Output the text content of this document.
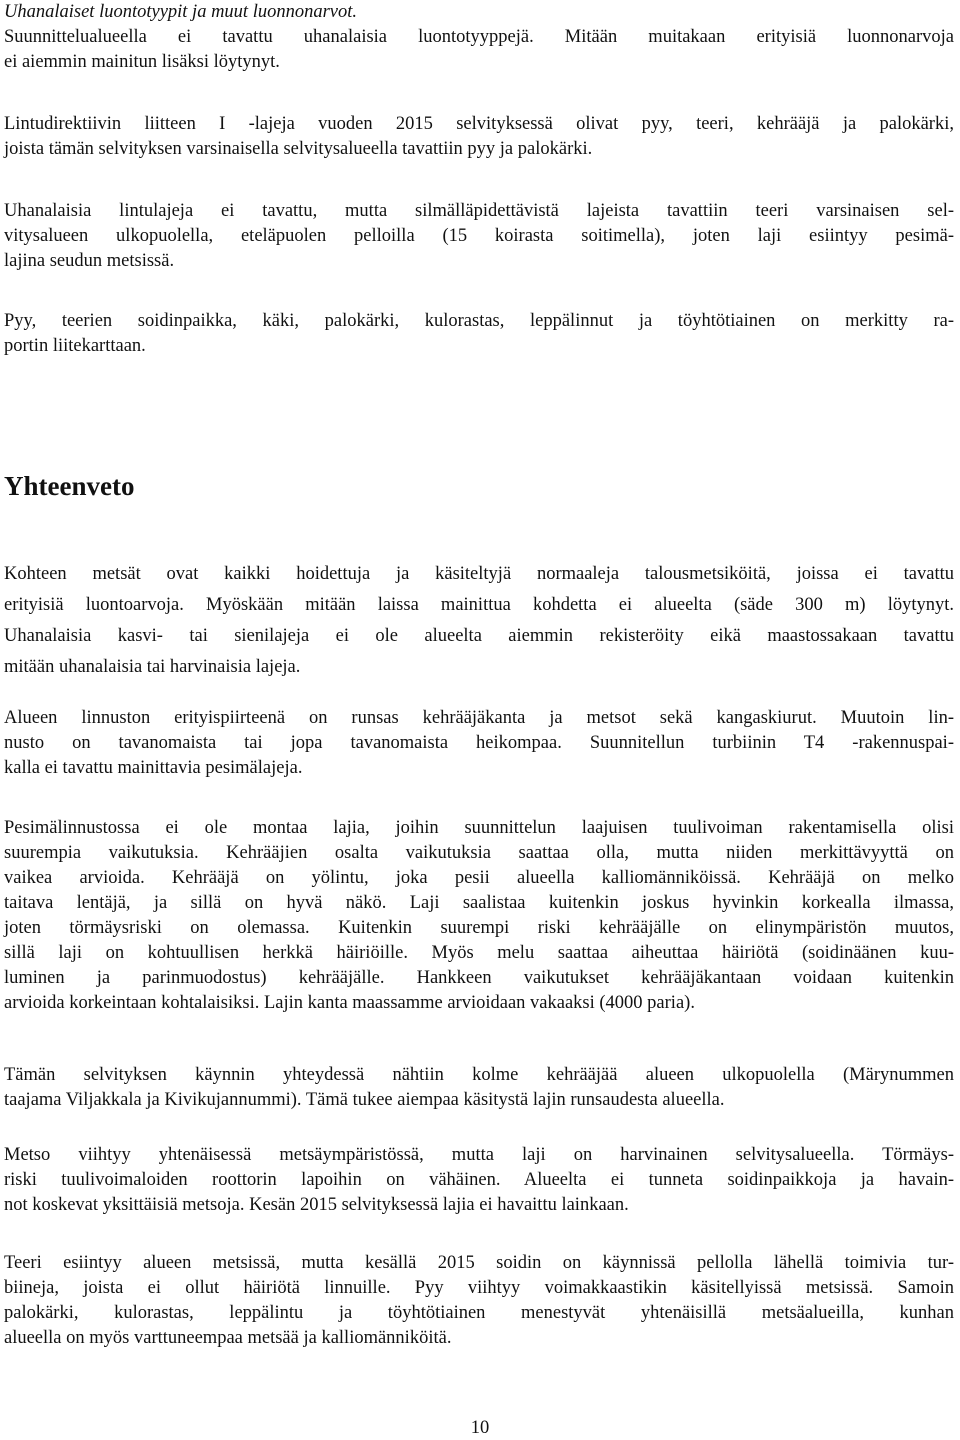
Uhanalaiset luontotyypit ja muut luonnonarvot.
Suunnittelualueella ei tavattu uhanalaisia luontotyyppejä. Mitään muitakaan erityisiä luonnonarvoja
ei aiemmin mainitun lisäksi löytynyt.
Lintudirektiivin liitteen I -lajeja vuoden 2015 selvityksessä olivat pyy, teeri, kehrääjä ja palokärki,
joista tämän selvityksen varsinaisella selvitysalueella tavattiin pyy ja palokärki.
Uhanalaisia lintulajeja ei tavattu, mutta silmälläpidettävistä lajeista tavattiin teeri varsinaisen sel-
vitysalueen ulkopuolella, eteläpuolen pelloilla (15 koirasta soitimella), joten laji esiintyy pesimä-
lajina seudun metsissä.
Pyy, teerien soidinpaikka, käki, palokärki, kulorastas, leppälinnut ja töyhtötiainen on merkitty ra-
portin liitekarttaan.
Yhteenveto
Kohteen metsät ovat kaikki hoidettuja ja käsiteltyjä normaaleja talousmetsiköitä, joissa ei tavattu
erityisiä luontoarvoja. Myöskään mitään laissa mainittua kohdetta ei alueelta (säde 300 m) löytynyt.
Uhanalaisia kasvi- tai sienilajeja ei ole alueelta aiemmin rekisteröity eikä maastossakaan tavattu
mitään uhanalaisia tai harvinaisia lajeja.
Alueen linnuston erityispiirteenä on runsas kehrääjäkanta ja metsot sekä kangaskiurut. Muutoin lin-
nusto on tavanomaista tai jopa tavanomaista heikompaa. Suunnitellun turbiinin T4 -rakennuspai-
kalla ei tavattu mainittavia pesimälajeja.
Pesimälinnustossa ei ole montaa lajia, joihin suunnittelun laajuisen tuulivoiman rakentamisella olisi
suurempia vaikutuksia. Kehrääjien osalta vaikutuksia saattaa olla, mutta niiden merkittävyyttä on
vaikea arvioida. Kehrääjä on yölintu, joka pesii alueella kalliomänniköissä. Kehrääjä on melko
taitava lentäjä, ja sillä on hyvä näkö. Laji saalistaa kuitenkin joskus hyvinkin korkealla ilmassa,
joten törmäysriski on olemassa. Kuitenkin suurempi riski kehrääjälle on elinympäristön muutos,
sillä laji on kohtuullisen herkkä häiriöille. Myös melu saattaa aiheuttaa häiriötä (soidinäänen kuu-
luminen ja parinmuodostus) kehrääjälle. Hankkeen vaikutukset kehrääjäkantaan voidaan kuitenkin
arvioida korkeintaan kohtalaisiksi. Lajin kanta maassamme arvioidaan vakaaksi (4000 paria).
Tämän selvityksen käynnin yhteydessä nähtiin kolme kehrääjää alueen ulkopuolella (Märynummen
taajama Viljakkala ja Kivikujannummi). Tämä tukee aiempaa käsitystä lajin runsaudesta alueella.
Metso viihtyy yhtenäisessä metsäympäristössä, mutta laji on harvinainen selvitysalueella. Törmäys-
riski tuulivoimaloiden roottorin lapoihin on vähäinen. Alueelta ei tunneta soidinpaikkoja ja havain-
not koskevat yksittäisiä metsoja. Kesän 2015 selvityksessä lajia ei havaittu lainkaan.
Teeri esiintyy alueen metsissä, mutta kesällä 2015 soidin on käynnissä pellolla lähellä toimivia tur-
biineja, joista ei ollut häiriötä linnuille. Pyy viihtyy voimakkaastikin käsitellyissä metsissä. Samoin
palokärki, kulorastas, leppälintu ja töyhtötiainen menestyvät yhtenäisillä metsäalueilla, kunhan
alueella on myös varttuneempaa metsää ja kalliomänniköitä.
10
